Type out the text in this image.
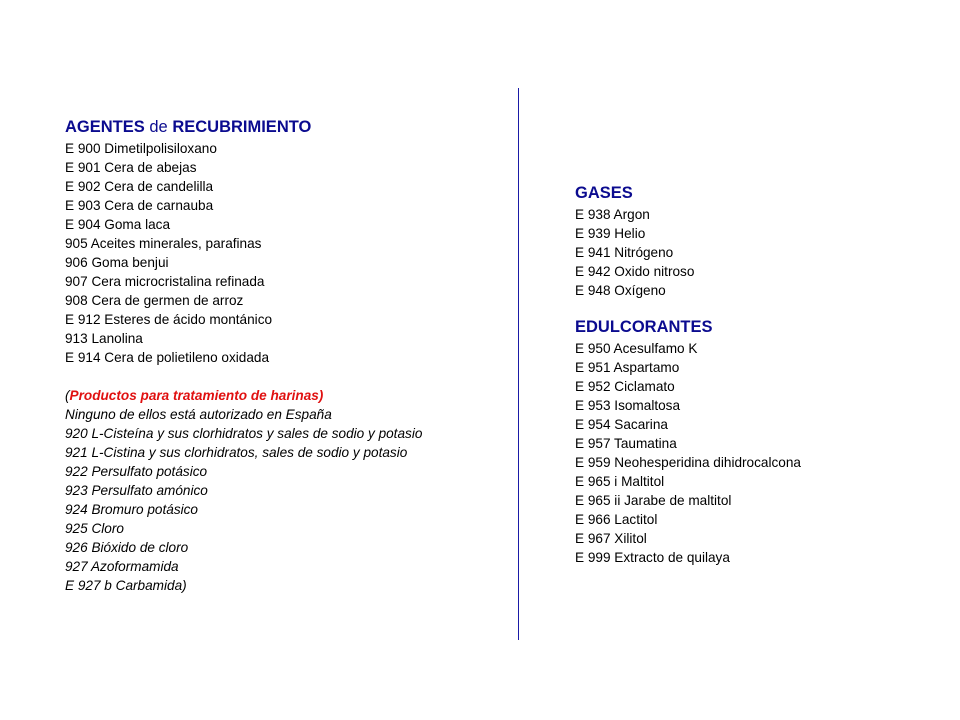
AGENTES de RECUBRIMIENTO
E 900 Dimetilpolisiloxano
E 901 Cera de abejas
E 902 Cera de candelilla
E 903 Cera de carnauba
E 904 Goma laca
905 Aceites minerales, parafinas
906 Goma benjui
907 Cera microcristalina refinada
908 Cera de germen de arroz
E 912 Esteres de ácido montánico
913 Lanolina
E 914 Cera de polietileno oxidada
(Productos para tratamiento de harinas)
Ninguno de ellos está autorizado en España
920 L-Cisteína y sus clorhidratos y sales de sodio y potasio
921 L-Cistina y sus clorhidratos, sales de sodio y potasio
922 Persulfato potásico
923 Persulfato amónico
924 Bromuro potásico
925 Cloro
926 Bióxido de cloro
927 Azoformamida
E 927 b Carbamida)
GASES
E 938 Argon
E 939 Helio
E 941 Nitrógeno
E 942 Oxido nitroso
E 948 Oxígeno
EDULCORANTES
E 950 Acesulfamo K
E 951 Aspartamo
E 952 Ciclamato
E 953 Isomaltosa
E 954 Sacarina
E 957 Taumatina
E 959 Neohesperidina dihidrocalcona
E 965 i Maltitol
E 965 ii Jarabe de maltitol
E 966 Lactitol
E 967 Xilitol
E 999 Extracto de quilaya
